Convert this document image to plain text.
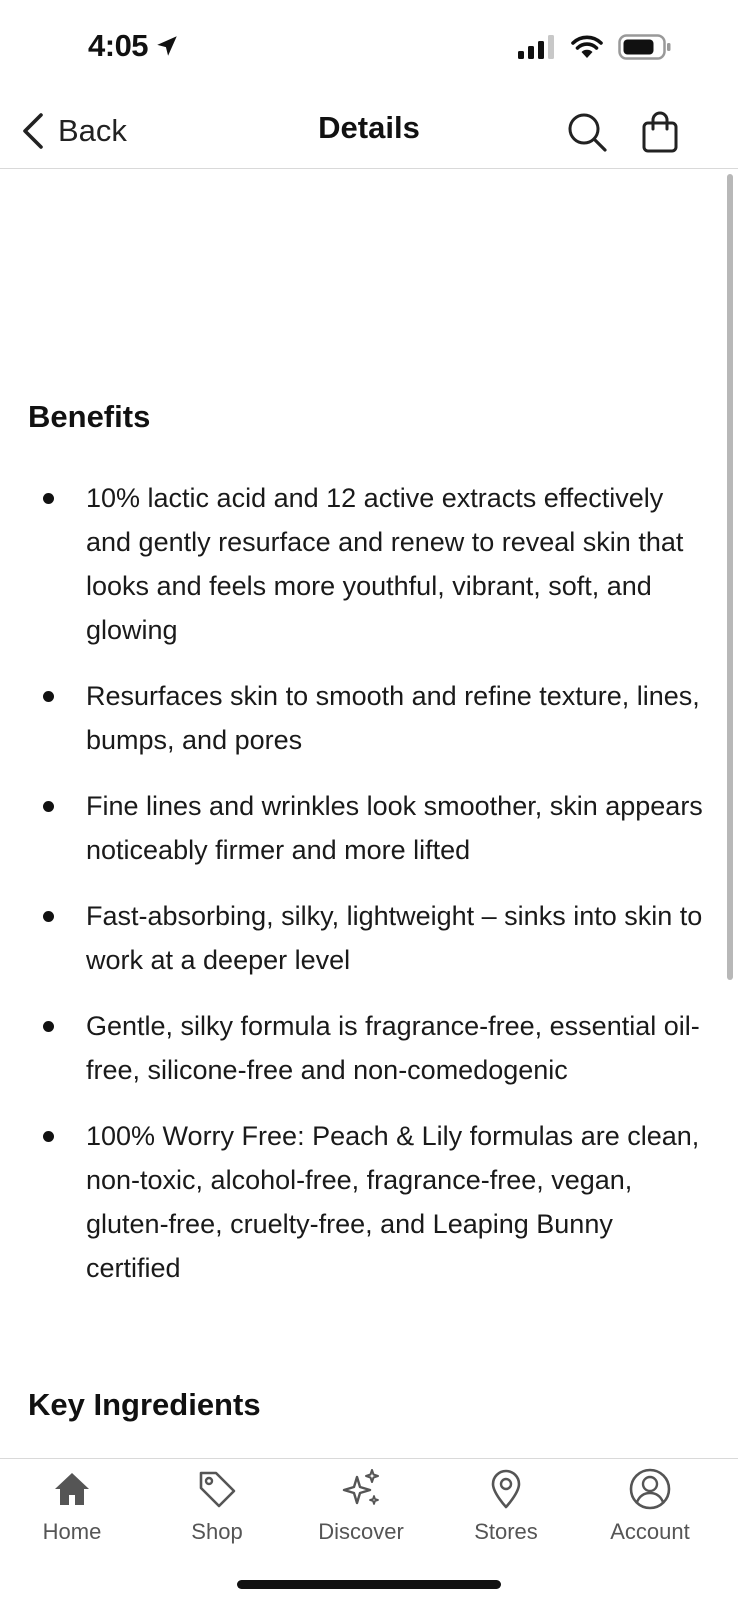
4:05
Back	Details
Benefits
10% lactic acid and 12 active extracts effectively and gently resurface and renew to reveal skin that looks and feels more youthful, vibrant, soft, and glowing
Resurfaces skin to smooth and refine texture, lines, bumps, and pores
Fine lines and wrinkles look smoother, skin appears noticeably firmer and more lifted
Fast-absorbing, silky, lightweight – sinks into skin to work at a deeper level
Gentle, silky formula is fragrance-free, essential oil-free, silicone-free and non-comedogenic
100% Worry Free: Peach & Lily formulas are clean, non-toxic, alcohol-free, fragrance-free, vegan, gluten-free, cruelty-free, and Leaping Bunny certified
Key Ingredients
Home	Shop	Discover	Stores	Account
